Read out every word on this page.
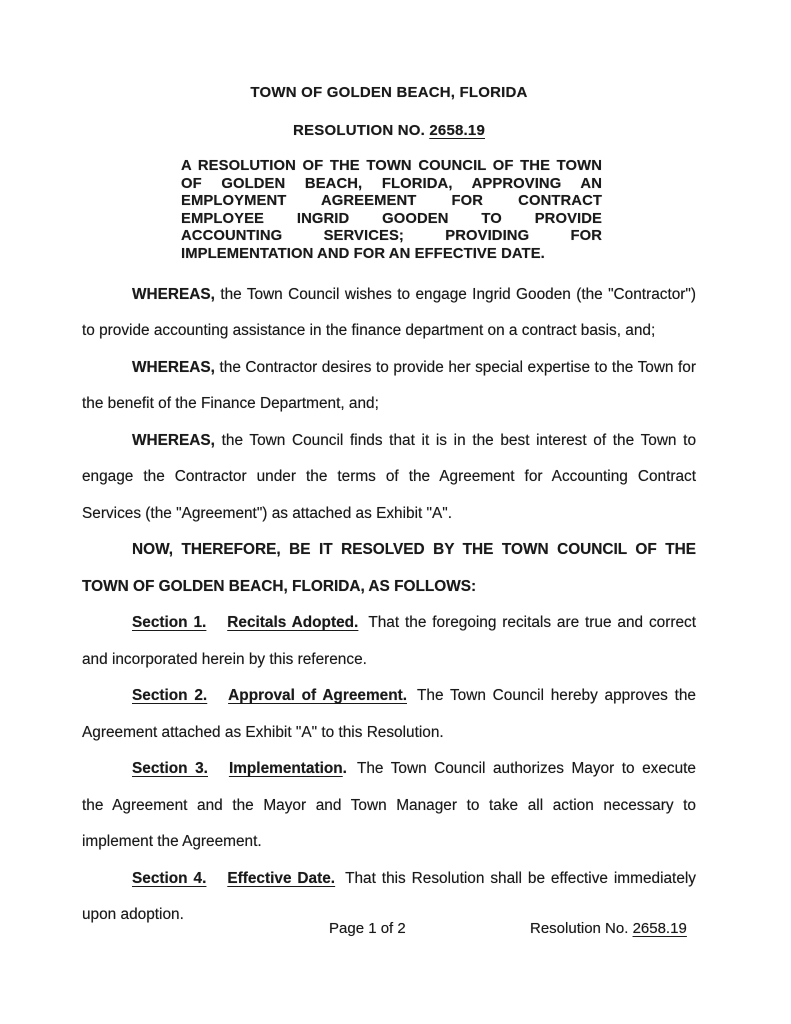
TOWN OF GOLDEN BEACH, FLORIDA
RESOLUTION NO. 2658.19
A RESOLUTION OF THE TOWN COUNCIL OF THE TOWN
OF GOLDEN BEACH, FLORIDA, APPROVING AN
EMPLOYMENT AGREEMENT FOR CONTRACT
EMPLOYEE INGRID GOODEN TO PROVIDE
ACCOUNTING SERVICES; PROVIDING FOR
IMPLEMENTATION AND FOR AN EFFECTIVE DATE.

WHEREAS, the Town Council wishes to engage Ingrid Gooden (the "Contractor") to provide accounting assistance in the finance department on a contract basis, and;

WHEREAS, the Contractor desires to provide her special expertise to the Town for the benefit of the Finance Department, and;

WHEREAS, the Town Council finds that it is in the best interest of the Town to engage the Contractor under the terms of the Agreement for Accounting Contract Services (the "Agreement") as attached as Exhibit "A".

NOW, THEREFORE, BE IT RESOLVED BY THE TOWN COUNCIL OF THE TOWN OF GOLDEN BEACH, FLORIDA, AS FOLLOWS:

Section 1. Recitals Adopted. That the foregoing recitals are true and correct and incorporated herein by this reference.

Section 2. Approval of Agreement. The Town Council hereby approves the Agreement attached as Exhibit "A" to this Resolution.

Section 3. Implementation. The Town Council authorizes Mayor to execute the Agreement and the Mayor and Town Manager to take all action necessary to implement the Agreement.

Section 4. Effective Date. That this Resolution shall be effective immediately upon adoption.

Page 1 of 2	Resolution No. 2658.19
